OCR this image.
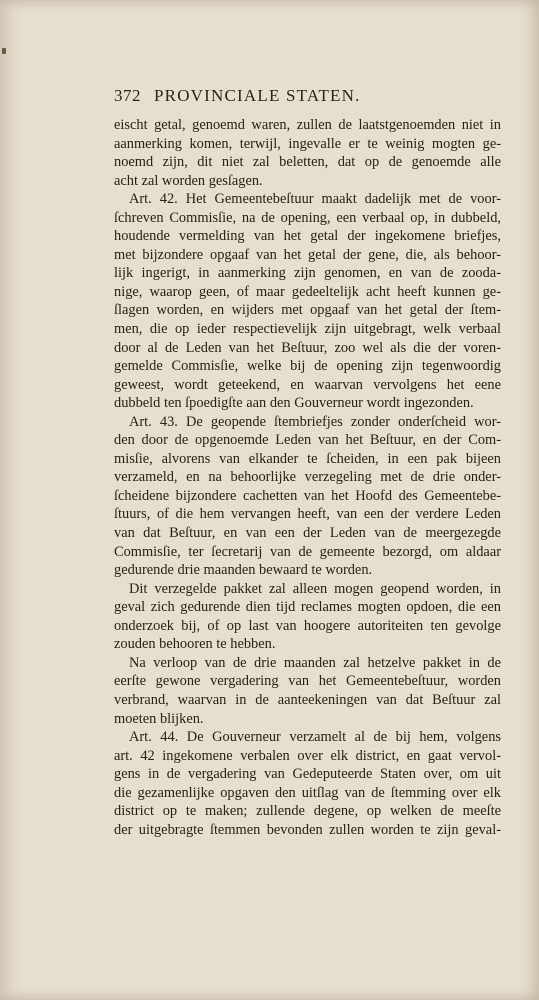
372 PROVINCIALE STATEN.
eischt getal, genoemd waren, zullen de laatstgenoemden niet in
aanmerking komen, terwijl, ingevalle er te weinig mogten ge-
noemd zijn, dit niet zal beletten, dat op de genoemde alle
acht zal worden gesſagen.
Art. 42. Het Gemeentebeſtuur maakt dadelijk met de voor-
ſchreven Commisſie, na de opening, een verbaal op, in dubbeld,
houdende vermelding van het getal der ingekomene briefjes,
met bijzondere opgaaf van het getal der gene, die, als behoor-
lijk ingerigt, in aanmerking zijn genomen, en van de zooda-
nige, waarop geen, of maar gedeeltelijk acht heeft kunnen ge-
ſlagen worden, en wijders met opgaaf van het getal der ſtem-
men, die op ieder respectievelijk zijn uitgebragt, welk verbaal
door al de Leden van het Beſtuur, zoo wel als die der voren-
gemelde Commisſie, welke bij de opening zijn tegenwoordig
geweest, wordt geteekend, en waarvan vervolgens het eene
dubbeld ten ſpoedigſte aan den Gouverneur wordt ingezonden.
Art. 43. De geopende ſtembriefjes zonder onderſcheid wor-
den door de opgenoemde Leden van het Beſtuur, en der Com-
misſie, alvorens van elkander te ſcheiden, in een pak bijeen
verzameld, en na behoorlijke verzegeling met de drie onder-
ſcheidene bijzondere cachetten van het Hoofd des Gemeentebe-
ſtuurs, of die hem vervangen heeft, van een der verdere Leden
van dat Beſtuur, en van een der Leden van de meergezegde
Commisſie, ter ſecretarij van de gemeente bezorgd, om aldaar
gedurende drie maanden bewaard te worden.
Dit verzegelde pakket zal alleen mogen geopend worden, in
geval zich gedurende dien tijd reclames mogten opdoen, die een
onderzoek bij, of op last van hoogere autoriteiten ten gevolge
zouden behooren te hebben.
Na verloop van de drie maanden zal hetzelve pakket in de
eerſte gewone vergadering van het Gemeentebeſtuur, worden
verbrand, waarvan in de aanteekeningen van dat Beſtuur zal
moeten blijken.
Art. 44. De Gouverneur verzamelt al de bij hem, volgens
art. 42 ingekomene verbalen over elk district, en gaat vervol-
gens in de vergadering van Gedeputeerde Staten over, om uit
die gezamenlijke opgaven den uitſlag van de ſtemming over elk
district op te maken; zullende degene, op welken de meeſte
der uitgebragte ſtemmen bevonden zullen worden te zijn geval-
